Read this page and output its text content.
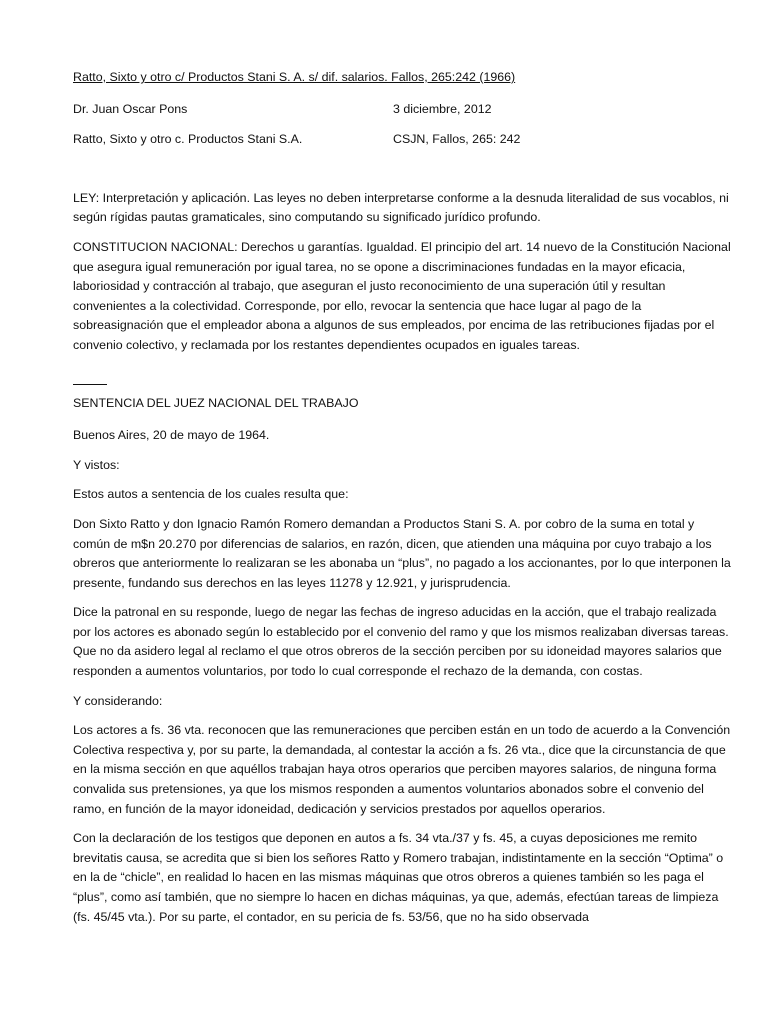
Ratto, Sixto y otro c/ Productos Stani S. A. s/ dif. salarios. Fallos, 265:242 (1966)
Dr. Juan Oscar Pons	3 diciembre, 2012
Ratto, Sixto y otro c. Productos Stani S.A.	CSJN, Fallos, 265: 242

LEY: Interpretación y aplicación. Las leyes no deben interpretarse conforme a la desnuda literalidad de sus vocablos, ni según rígidas pautas gramaticales, sino computando su significado jurídico profundo.

CONSTITUCION NACIONAL: Derechos u garantías. Igualdad. El principio del art. 14 nuevo de la Constitución Nacional que asegura igual remuneración por igual tarea, no se opone a discriminaciones fundadas en la mayor eficacia, laboriosidad y contracción al trabajo, que aseguran el justo reconocimiento de una superación útil y resultan convenientes a la colectividad. Corresponde, por ello, revocar la sentencia que hace lugar al pago de la sobreasignación que el empleador abona a algunos de sus empleados, por encima de las retribuciones fijadas por el convenio colectivo, y reclamada por los restantes dependientes ocupados en iguales tareas.

SENTENCIA DEL JUEZ NACIONAL DEL TRABAJO

Buenos Aires, 20 de mayo de 1964.

Y vistos:

Estos autos a sentencia de los cuales resulta que:

Don Sixto Ratto y don Ignacio Ramón Romero demandan a Productos Stani S. A. por cobro de la suma en total y común de m$n 20.270 por diferencias de salarios, en razón, dicen, que atienden una máquina por cuyo trabajo a los obreros que anteriormente lo realizaran se les abonaba un “plus”, no pagado a los accionantes, por lo que interponen la presente, fundando sus derechos en las leyes 11278 y 12.921, y jurisprudencia.

Dice la patronal en su responde, luego de negar las fechas de ingreso aducidas en la acción, que el trabajo realizada por los actores es abonado según lo establecido por el convenio del ramo y que los mismos realizaban diversas tareas. Que no da asidero legal al reclamo el que otros obreros de la sección perciben por su idoneidad mayores salarios que responden a aumentos voluntarios, por todo lo cual corresponde el rechazo de la demanda, con costas.

Y considerando:

Los actores a fs. 36 vta. reconocen que las remuneraciones que perciben están en un todo de acuerdo a la Convención Colectiva respectiva y, por su parte, la demandada, al contestar la acción a fs. 26 vta., dice que la circunstancia de que en la misma sección en que aquéllos trabajan haya otros operarios que perciben mayores salarios, de ninguna forma convalida sus pretensiones, ya que los mismos responden a aumentos voluntarios abonados sobre el convenio del ramo, en función de la mayor idoneidad, dedicación y servicios prestados por aquellos operarios.

Con la declaración de los testigos que deponen en autos a fs. 34 vta./37 y fs. 45, a cuyas deposiciones me remito brevitatis causa, se acredita que si bien los señores Ratto y Romero trabajan, indistintamente en la sección “Optima” o en la de “chicle”, en realidad lo hacen en las mismas máquinas que otros obreros a quienes también so les paga el “plus”, como así también, que no siempre lo hacen en dichas máquinas, ya que, además, efectúan tareas de limpieza (fs. 45/45 vta.). Por su parte, el contador, en su pericia de fs. 53/56, que no ha sido observada
